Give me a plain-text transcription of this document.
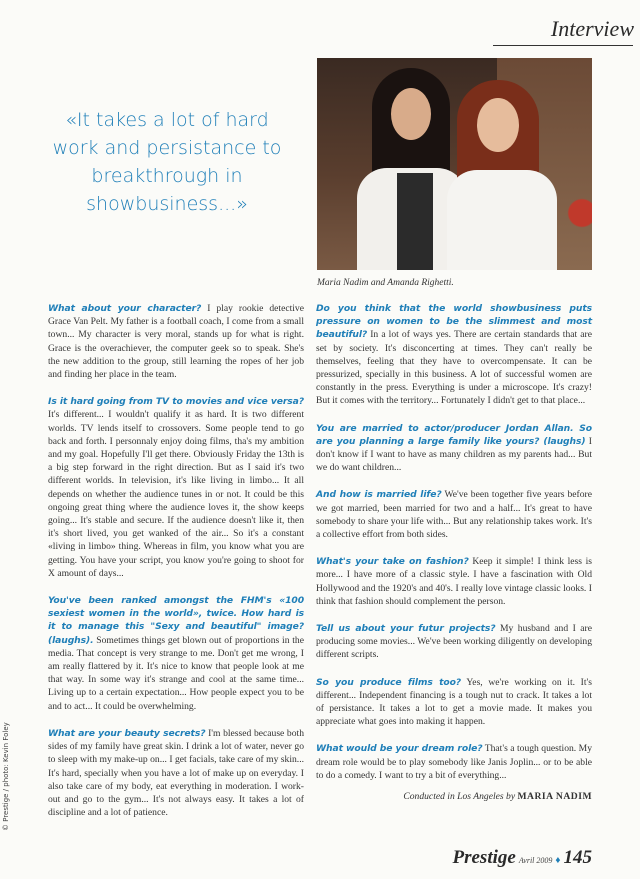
Interview
«It takes a lot of hard work and persistance to breakthrough in showbusiness...»
Maria Nadim and Amanda Righetti.
© Prestige / photo: Kevin Foley

What about your character? I play rookie detective Grace Van Pelt. My father is a football coach, I come from a small town... My character is very moral, stands up for what is right. Grace is the overachiever, the computer geek so to speak. She's the new addition to the group, still learning the ropes of her job and finding her place in the team.

Is it hard going from TV to movies and vice versa? It's different... I wouldn't qualify it as hard. It is two different worlds. TV lends itself to crossovers. Some people tend to go back and forth. I personnaly enjoy doing films, tha's my ambition and my goal. Hopefully I'll get there. Obviously Friday the 13th is a big step forward in the right direction. But as I said it's two different worlds. In television, it's like living in limbo... It all depends on whether the audience tunes in or not. It could be this ongoing great thing where the audience loves it, the show keeps going... It's stable and secure. If the audience doesn't like it, then it's short lived, you get wanked of the air... So it's a constant «living in limbo» thing. Whereas in film, you know what you are getting. You have your script, you know you're going to shoot for X amount of days...

You've been ranked amongst the FHM's «100 sexiest women in the world», twice. How hard is it to manage this "Sexy and beautiful" image? (laughs). Sometimes things get blown out of proportions in the media. That concept is very strange to me. Don't get me wrong, I am really flattered by it. It's nice to know that people look at me that way. In some way it's strange and cool at the same time... Living up to a certain expectation... How people expect you to be and to act... It could be overwhelming.

What are your beauty secrets? I'm blessed because both sides of my family have great skin. I drink a lot of water, never go to sleep with my make-up on... I get facials, take care of my skin... It's hard, specially when you have a lot of make up on everyday. I also take care of my body, eat everything in moderation. I work-out and go to the gym... It's not always easy. It takes a lot of discipline and a lot of patience.

Do you think that the world showbusiness puts pressure on women to be the slimmest and most beautiful? In a lot of ways yes. There are certain standards that are set by society. It's disconcerting at times. They can't really be themselves, feeling that they have to overcompensate. It can be pressurized, specially in this business. A lot of successful women are constantly in the press. Everything is under a microscope. It's crazy! But it comes with the territory... Fortunately I didn't get to that place...

You are married to actor/producer Jordan Allan. So are you planning a large family like yours? (laughs) I don't know if I want to have as many children as my parents had... But we do want children...

And how is married life? We've been together five years before we got married, been married for two and a half... It's great to have somebody to share your life with... But any relationship takes work. It's a collective effort from both sides.

What's your take on fashion? Keep it simple! I think less is more... I have more of a classic style. I have a fascination with Old Hollywood and the 1920's and 40's. I really love vintage classic looks. I think that fashion should complement the person.

Tell us about your futur projects? My husband and I are producing some movies... We've been working diligently on developing different scripts.

So you produce films too? Yes, we're working on it. It's different... Independent financing is a tough nut to crack. It takes a lot of persistance. It takes a lot to get a movie made. It makes you appreciate what goes into making it happen.

What would be your dream role? That's a tough question. My dream role would be to play somebody like Janis Joplin... or to be able to do a comedy. I want to try a bit of everything...

Conducted in Los Angeles by MARIA NADIM

Prestige Avril 2009 ♦ 145
